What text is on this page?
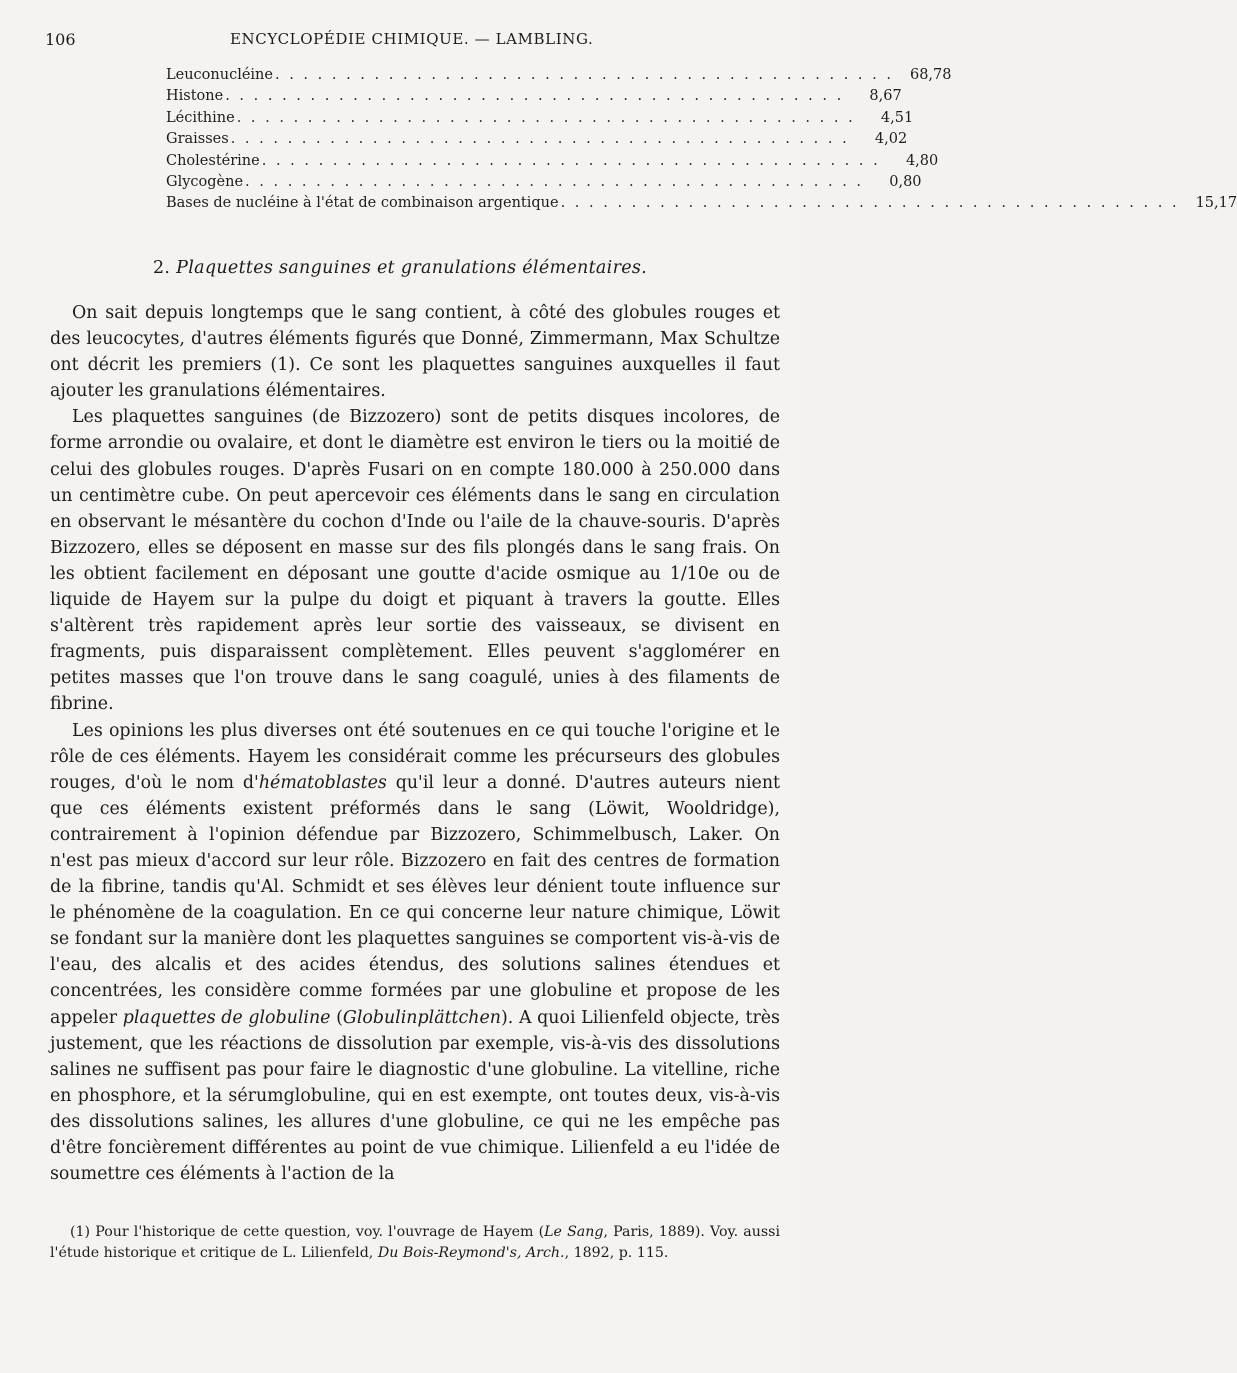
106	ENCYCLOPÉDIE CHIMIQUE. — LAMBLING.
Leuconucléine . . . . . . . . . . . . . . . . . . . . . . . . . . . . . . . . . . . . . . . . . . . .	68,78
Histone . . . . . . . . . . . . . . . . . . . . . . . . . . . . . . . . . . . . . . . . . . . .	8,67
Lécithine . . . . . . . . . . . . . . . . . . . . . . . . . . . . . . . . . . . . . . . . . . . .	4,51
Graisses . . . . . . . . . . . . . . . . . . . . . . . . . . . . . . . . . . . . . . . . . . . .	4,02
Cholestérine . . . . . . . . . . . . . . . . . . . . . . . . . . . . . . . . . . . . . . . . . . . .	4,80
Glycogène . . . . . . . . . . . . . . . . . . . . . . . . . . . . . . . . . . . . . . . . . . . .	0,80
Bases de nucléine à l'état de combinaison argentique . . . . . . . . . . . . . . . . . . . . . . . . . . . . . . . . . . . . . . . . . . . .	15,17
2. Plaquettes sanguines et granulations élémentaires.

On sait depuis longtemps que le sang contient, à côté des globules rouges et des leucocytes, d'autres éléments figurés que Donné, Zimmermann, Max Schultze ont décrit les premiers (1). Ce sont les plaquettes sanguines auxquelles il faut ajouter les granulations élémentaires.

Les plaquettes sanguines (de Bizzozero) sont de petits disques incolores, de forme arrondie ou ovalaire, et dont le diamètre est environ le tiers ou la moitié de celui des globules rouges. D'après Fusari on en compte 180.000 à 250.000 dans un centimètre cube. On peut apercevoir ces éléments dans le sang en circulation en observant le mésantère du cochon d'Inde ou l'aile de la chauve-souris. D'après Bizzozero, elles se déposent en masse sur des fils plongés dans le sang frais. On les obtient facilement en déposant une goutte d'acide osmique au 1/10e ou de liquide de Hayem sur la pulpe du doigt et piquant à travers la goutte. Elles s'altèrent très rapidement après leur sortie des vaisseaux, se divisent en fragments, puis disparaissent complètement. Elles peuvent s'agglomérer en petites masses que l'on trouve dans le sang coagulé, unies à des filaments de fibrine.

Les opinions les plus diverses ont été soutenues en ce qui touche l'origine et le rôle de ces éléments. Hayem les considérait comme les précurseurs des globules rouges, d'où le nom d'hématoblastes qu'il leur a donné. D'autres auteurs nient que ces éléments existent préformés dans le sang (Löwit, Wooldridge), contrairement à l'opinion défendue par Bizzozero, Schimmelbusch, Laker. On n'est pas mieux d'accord sur leur rôle. Bizzozero en fait des centres de formation de la fibrine, tandis qu'Al. Schmidt et ses élèves leur dénient toute influence sur le phénomène de la coagulation. En ce qui concerne leur nature chimique, Löwit se fondant sur la manière dont les plaquettes sanguines se comportent vis-à-vis de l'eau, des alcalis et des acides étendus, des solutions salines étendues et concentrées, les considère comme formées par une globuline et propose de les appeler plaquettes de globuline (Globulinplättchen). A quoi Lilienfeld objecte, très justement, que les réactions de dissolution par exemple, vis-à-vis des dissolutions salines ne suffisent pas pour faire le diagnostic d'une globuline. La vitelline, riche en phosphore, et la sérumglobuline, qui en est exempte, ont toutes deux, vis-à-vis des dissolutions salines, les allures d'une globuline, ce qui ne les empêche pas d'être foncièrement différentes au point de vue chimique. Lilienfeld a eu l'idée de soumettre ces éléments à l'action de la

(1) Pour l'historique de cette question, voy. l'ouvrage de Hayem (Le Sang, Paris, 1889). Voy. aussi l'étude historique et critique de L. Lilienfeld, Du Bois-Reymond's, Arch., 1892, p. 115.
